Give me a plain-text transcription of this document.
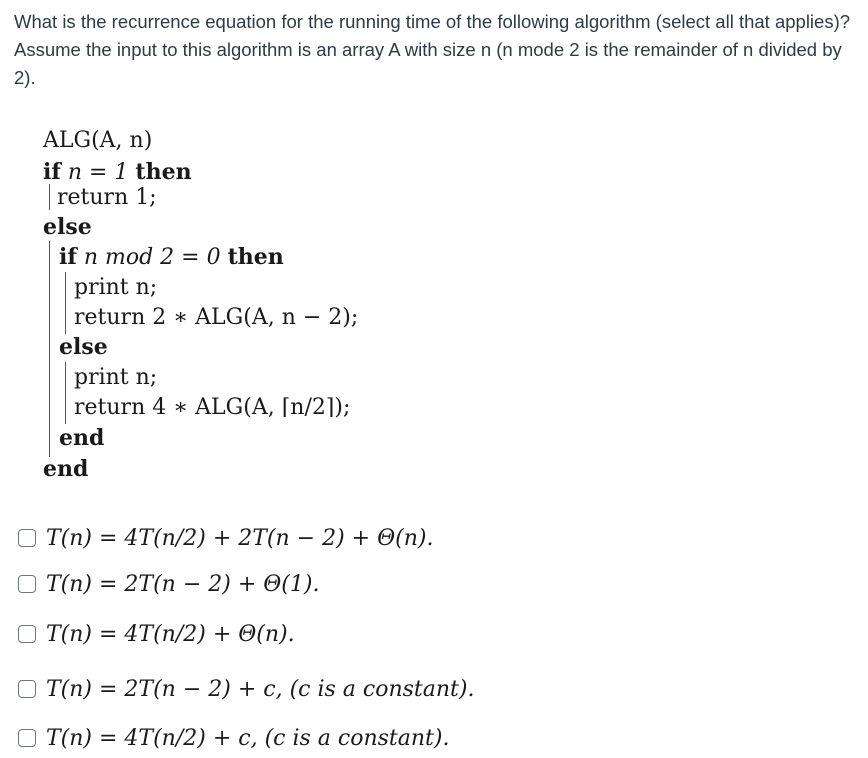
What is the recurrence equation for the running time of the following algorithm (select all that applies)? Assume the input to this algorithm is an array A with size n (n mode 2 is the remainder of n divided by 2).
ALG(A, n)
if n = 1 then
return 1;
else
if n mod 2 = 0 then
print n;
return 2 ∗ ALG(A, n − 2);
else
print n;
return 4 ∗ ALG(A, ⌈n/2⌉);
end
end
T(n) = 4T(n/2) + 2T(n − 2) + Θ(n).
T(n) = 2T(n − 2) + Θ(1).
T(n) = 4T(n/2) + Θ(n).
T(n) = 2T(n − 2) + c, (c is a constant).
T(n) = 4T(n/2) + c, (c is a constant).
